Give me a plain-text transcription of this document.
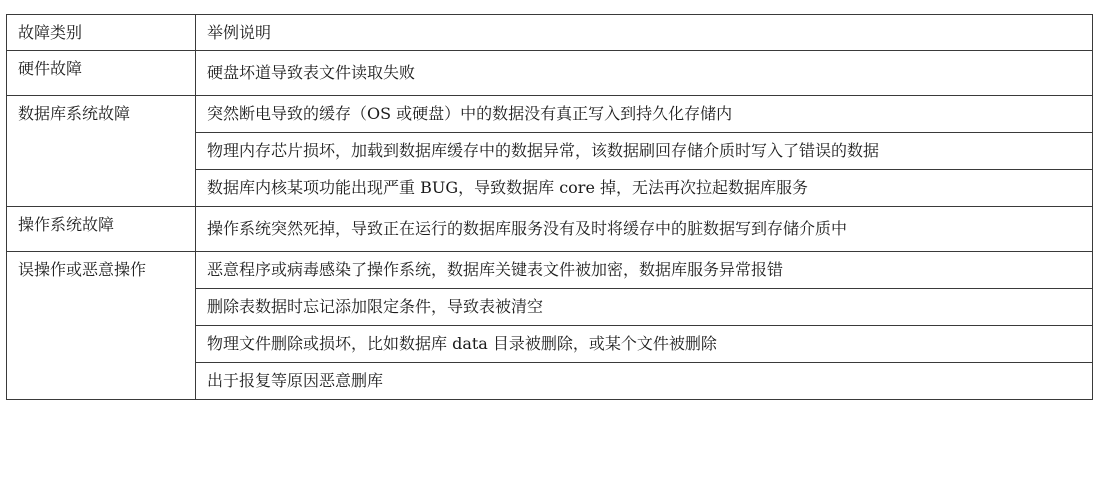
故障类别	举例说明
硬件故障	硬盘坏道导致表文件读取失败
数据库系统故障	突然断电导致的缓存（OS 或硬盘）中的数据没有真正写入到持久化存储内
	物理内存芯片损坏，加载到数据库缓存中的数据异常，该数据刷回存储介质时写入了错误的数据
	数据库内核某项功能出现严重 BUG，导致数据库 core 掉，无法再次拉起数据库服务
操作系统故障	操作系统突然死掉，导致正在运行的数据库服务没有及时将缓存中的脏数据写到存储介质中
误操作或恶意操作	恶意程序或病毒感染了操作系统，数据库关键表文件被加密，数据库服务异常报错
	删除表数据时忘记添加限定条件，导致表被清空
	物理文件删除或损坏，比如数据库 data 目录被删除，或某个文件被删除
	出于报复等原因恶意删库
